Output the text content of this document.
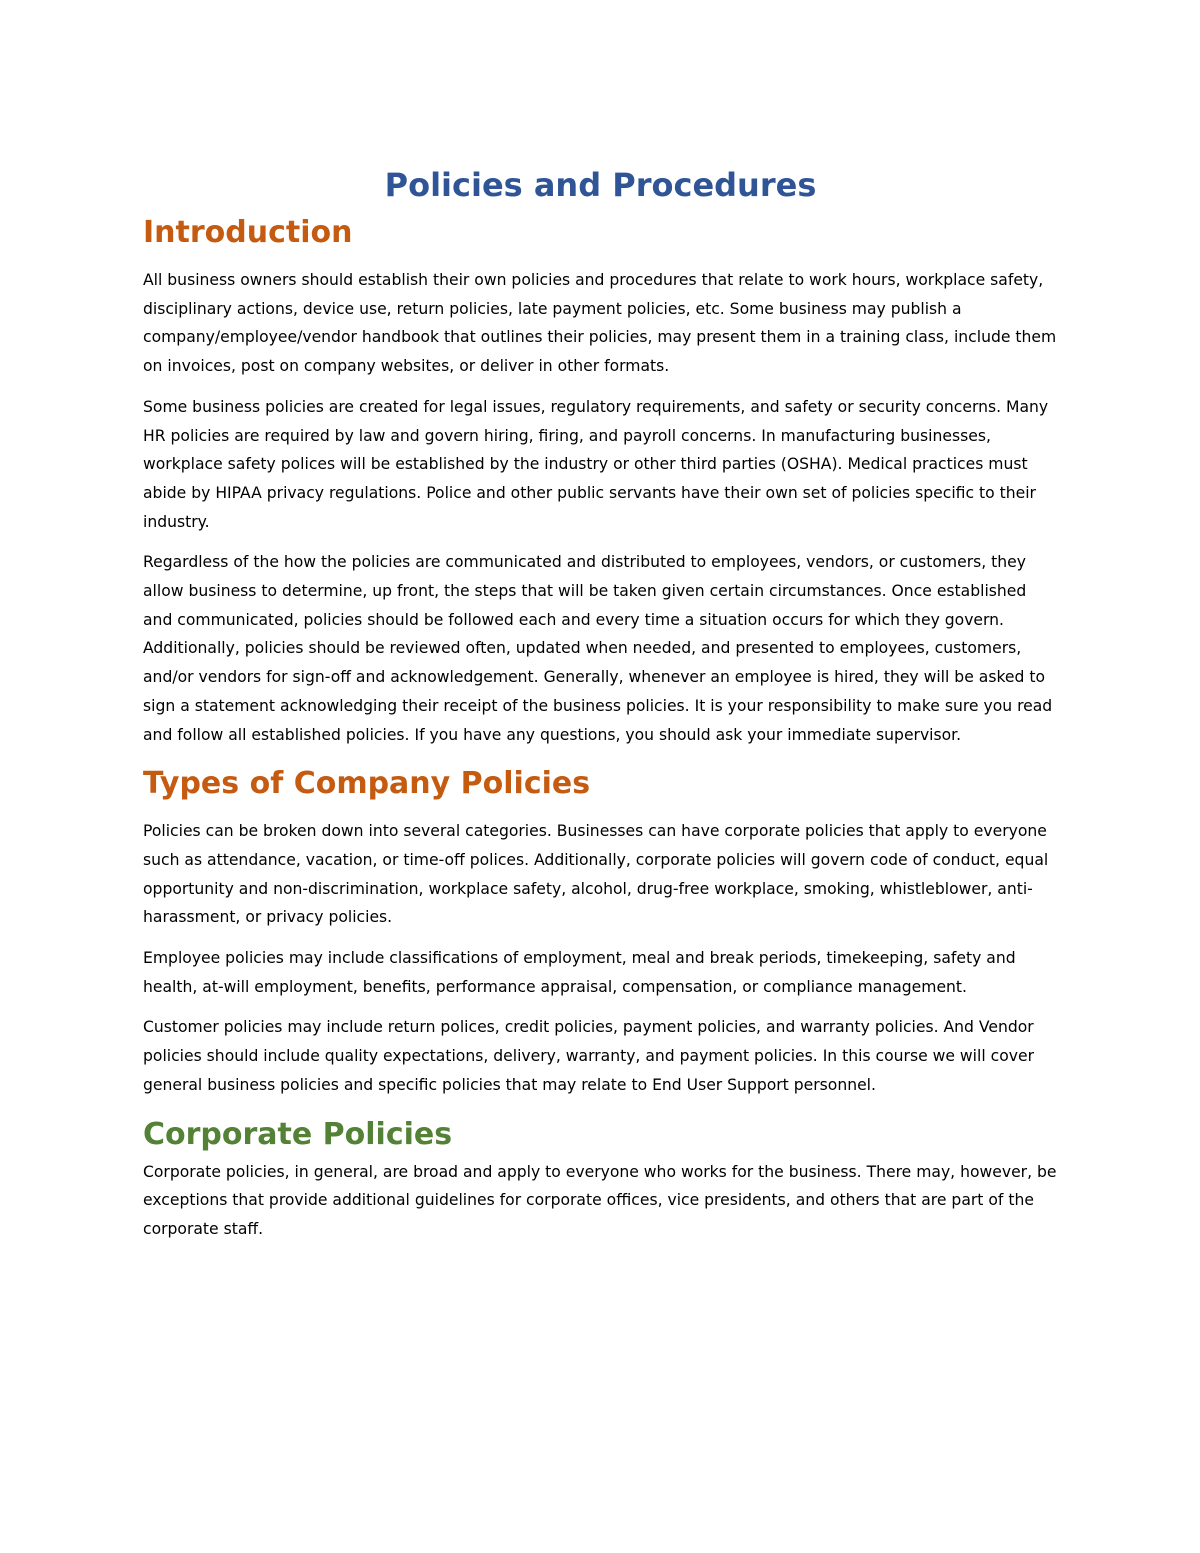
Policies and Procedures
Introduction

All business owners should establish their own policies and procedures that relate to work hours, workplace safety, disciplinary actions, device use, return policies, late payment policies, etc. Some business may publish a company/employee/vendor handbook that outlines their policies, may present them in a training class, include them on invoices, post on company websites, or deliver in other formats.

Some business policies are created for legal issues, regulatory requirements, and safety or security concerns. Many HR policies are required by law and govern hiring, firing, and payroll concerns. In manufacturing businesses, workplace safety polices will be established by the industry or other third parties (OSHA). Medical practices must abide by HIPAA privacy regulations. Police and other public servants have their own set of policies specific to their industry.

Regardless of the how the policies are communicated and distributed to employees, vendors, or customers, they allow business to determine, up front, the steps that will be taken given certain circumstances. Once established and communicated, policies should be followed each and every time a situation occurs for which they govern. Additionally, policies should be reviewed often, updated when needed, and presented to employees, customers, and/or vendors for sign-off and acknowledgement. Generally, whenever an employee is hired, they will be asked to sign a statement acknowledging their receipt of the business policies. It is your responsibility to make sure you read and follow all established policies. If you have any questions, you should ask your immediate supervisor.

Types of Company Policies

Policies can be broken down into several categories. Businesses can have corporate policies that apply to everyone such as attendance, vacation, or time-off polices. Additionally, corporate policies will govern code of conduct, equal opportunity and non-discrimination, workplace safety, alcohol, drug-free workplace, smoking, whistleblower, anti-harassment, or privacy policies.

Employee policies may include classifications of employment, meal and break periods, timekeeping, safety and health, at-will employment, benefits, performance appraisal, compensation, or compliance management.

Customer policies may include return polices, credit policies, payment policies, and warranty policies. And Vendor policies should include quality expectations, delivery, warranty, and payment policies. In this course we will cover general business policies and specific policies that may relate to End User Support personnel.

Corporate Policies

Corporate policies, in general, are broad and apply to everyone who works for the business. There may, however, be exceptions that provide additional guidelines for corporate offices, vice presidents, and others that are part of the corporate staff.
